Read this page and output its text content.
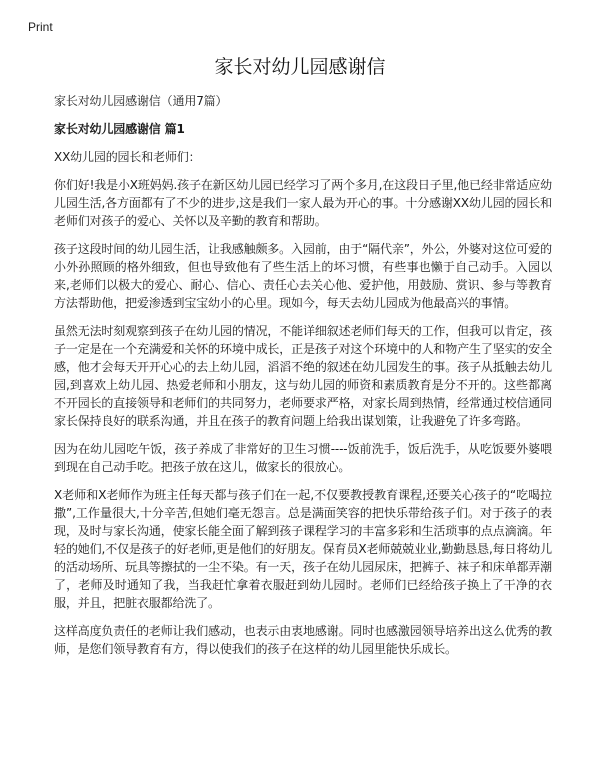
Print
家长对幼儿园感谢信
家长对幼儿园感谢信（通用7篇）
家长对幼儿园感谢信 篇1
XX幼儿园的园长和老师们：
你们好!我是小X班妈妈.孩子在新区幼儿园已经学习了两个多月,在这段日子里,他已经非常适应幼儿园生活,各方面都有了不少的进步,这是我们一家人最为开心的事。十分感谢XX幼儿园的园长和老师们对孩子的爱心、关怀以及辛勤的教育和帮助。
孩子这段时间的幼儿园生活，让我感触颇多。入园前，由于“隔代亲”，外公，外婆对这位可爱的小外孙照顾的格外细致，但也导致他有了些生活上的坏习惯，有些事也懒于自己动手。入园以来,老师们以极大的爱心、耐心、信心、责任心去关心他、爱护他，用鼓励、赏识、参与等教育方法帮助他，把爱渗透到宝宝幼小的心里。现如今，每天去幼儿园成为他最高兴的事情。
虽然无法时刻观察到孩子在幼儿园的情况，不能详细叙述老师们每天的工作，但我可以肯定，孩子一定是在一个充满爱和关怀的环境中成长，正是孩子对这个环境中的人和物产生了坚实的安全感，他才会每天开开心心的去上幼儿园，滔滔不绝的叙述在幼儿园发生的事。孩子从抵触去幼儿园,到喜欢上幼儿园、热爱老师和小朋友，这与幼儿园的师资和素质教育是分不开的。这些都离不开园长的直接领导和老师们的共同努力，老师要求严格，对家长周到热情，经常通过校信通同家长保持良好的联系沟通，并且在孩子的教育问题上给我出谋划策，让我避免了许多弯路。
因为在幼儿园吃午饭，孩子养成了非常好的卫生习惯----饭前洗手，饭后洗手，从吃饭要外婆喂到现在自己动手吃。把孩子放在这儿，做家长的很放心。
X老师和X老师作为班主任每天都与孩子们在一起,不仅要教授教育课程,还要关心孩子的“吃喝拉撒”,工作量很大,十分辛苦,但她们毫无怨言。总是满面笑容的把快乐带给孩子们。对于孩子的表现，及时与家长沟通，使家长能全面了解到孩子课程学习的丰富多彩和生活琐事的点点滴滴。年轻的她们,不仅是孩子的好老师,更是他们的好朋友。保育员X老师兢兢业业,勤勤恳恳,每日将幼儿的活动场所、玩具等擦拭的一尘不染。有一天，孩子在幼儿园尿床，把裤子、袜子和床单都弄潮了，老师及时通知了我，当我赶忙拿着衣服赶到幼儿园时。老师们已经给孩子换上了干净的衣服，并且，把脏衣服都给洗了。
这样高度负责任的老师让我们感动，也表示由衷地感谢。同时也感激园领导培养出这么优秀的教师，是您们领导教育有方，得以使我们的孩子在这样的幼儿园里能快乐成长。
